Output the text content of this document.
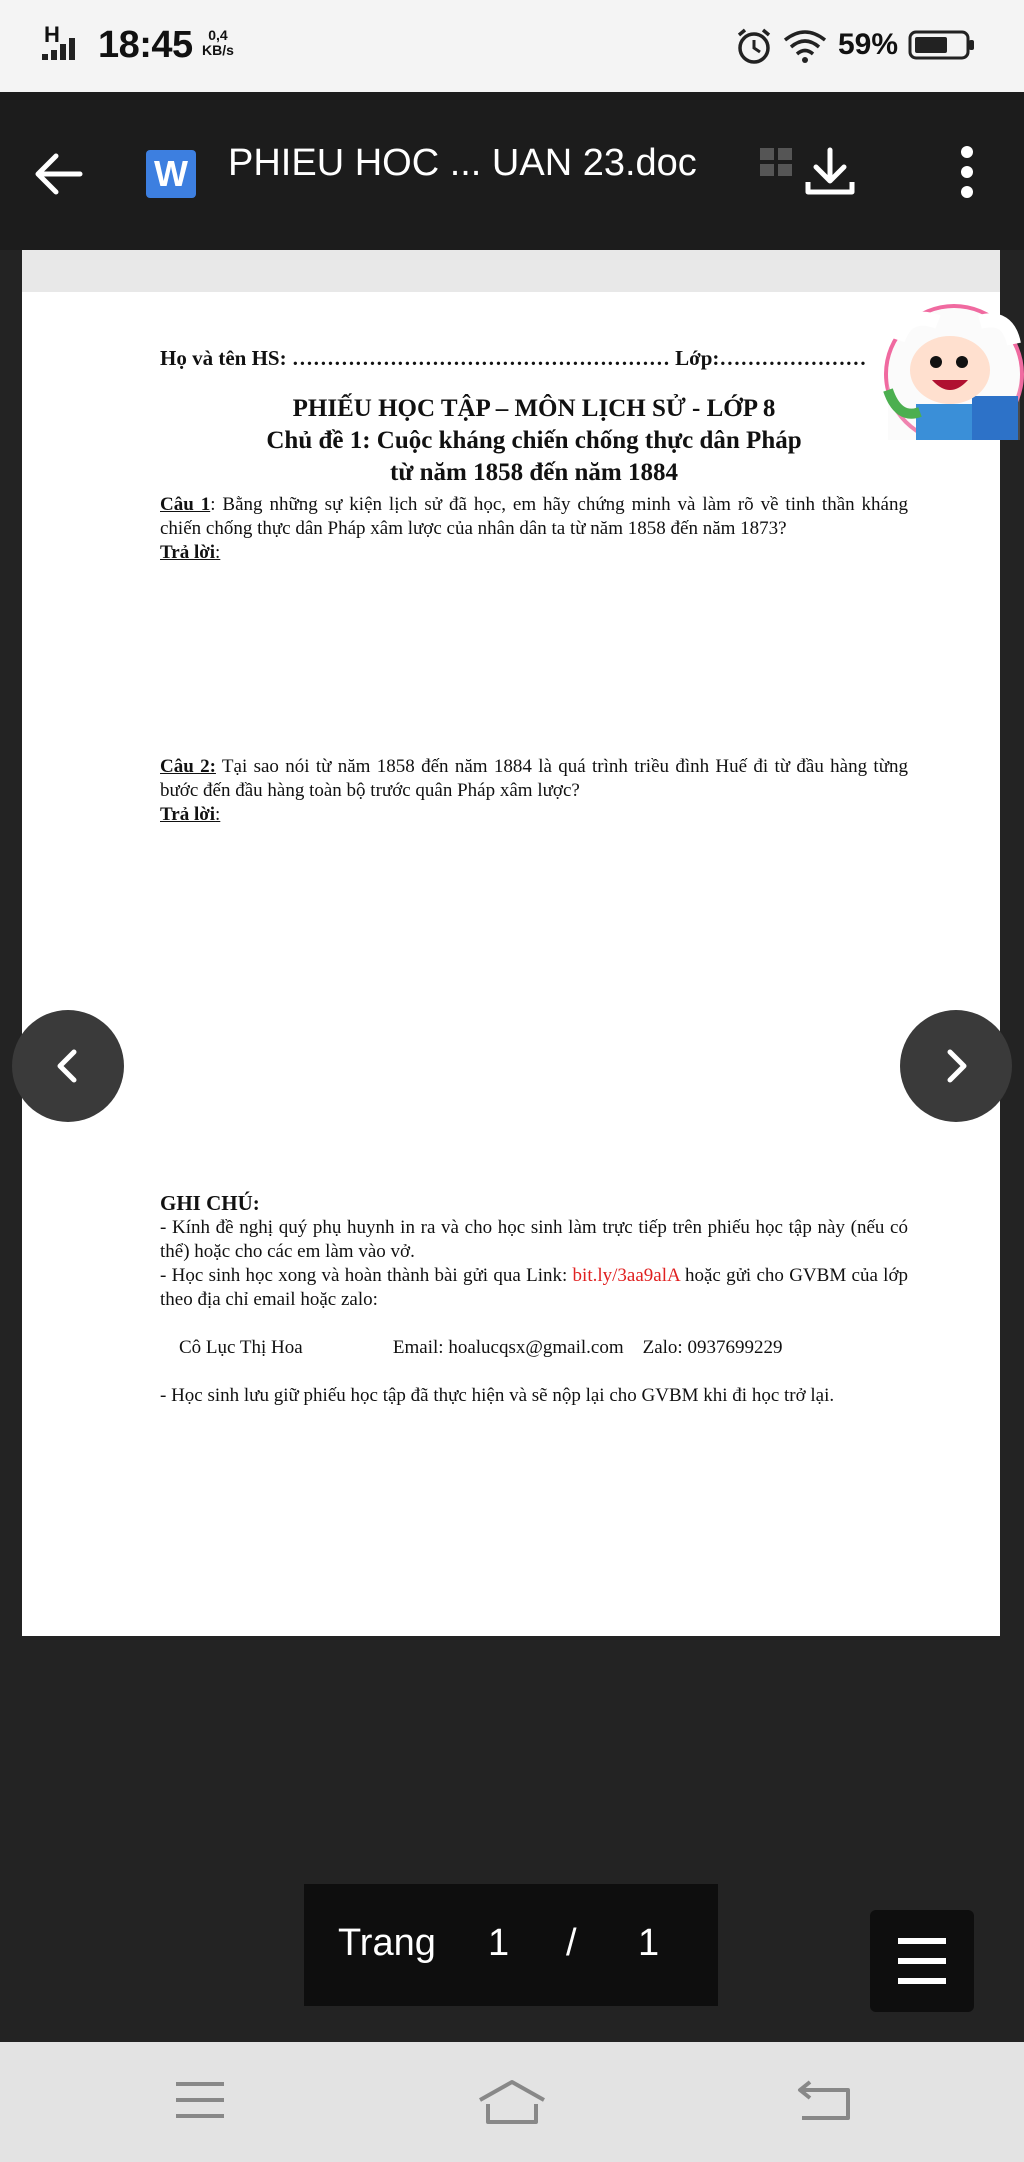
H 18:45	0,4
KB/s	59%
W PHIEU HOC ... UAN 23.doc
Họ và tên HS: ……………………………………………… Lớp:…………………
PHIẾU HỌC TẬP – MÔN LỊCH SỬ - LỚP 8
Chủ đề 1: Cuộc kháng chiến chống thực dân Pháp
từ năm 1858 đến năm 1884
Câu 1: Bằng những sự kiện lịch sử đã học, em hãy chứng minh và làm rõ về tinh thần kháng chiến chống thực dân Pháp xâm lược của nhân dân ta từ năm 1858 đến năm 1873?
Trả lời:
Câu 2: Tại sao nói từ năm 1858 đến năm 1884 là quá trình triều đình Huế đi từ đầu hàng từng bước đến đầu hàng toàn bộ trước quân Pháp xâm lược?
Trả lời:
GHI CHÚ:
- Kính đề nghị quý phụ huynh in ra và cho học sinh làm trực tiếp trên phiếu học tập này (nếu có thể) hoặc cho các em làm vào vở.
- Học sinh học xong và hoàn thành bài gửi qua Link: bit.ly/3aa9alA hoặc gửi cho GVBM của lớp theo địa chỉ email hoặc zalo:

Cô Lục Thị Hoa	Email: hoalucqsx@gmail.com Zalo: 0937699229

- Học sinh lưu giữ phiếu học tập đã thực hiện và sẽ nộp lại cho GVBM khi đi học trở lại.
Trang 1 / 1
